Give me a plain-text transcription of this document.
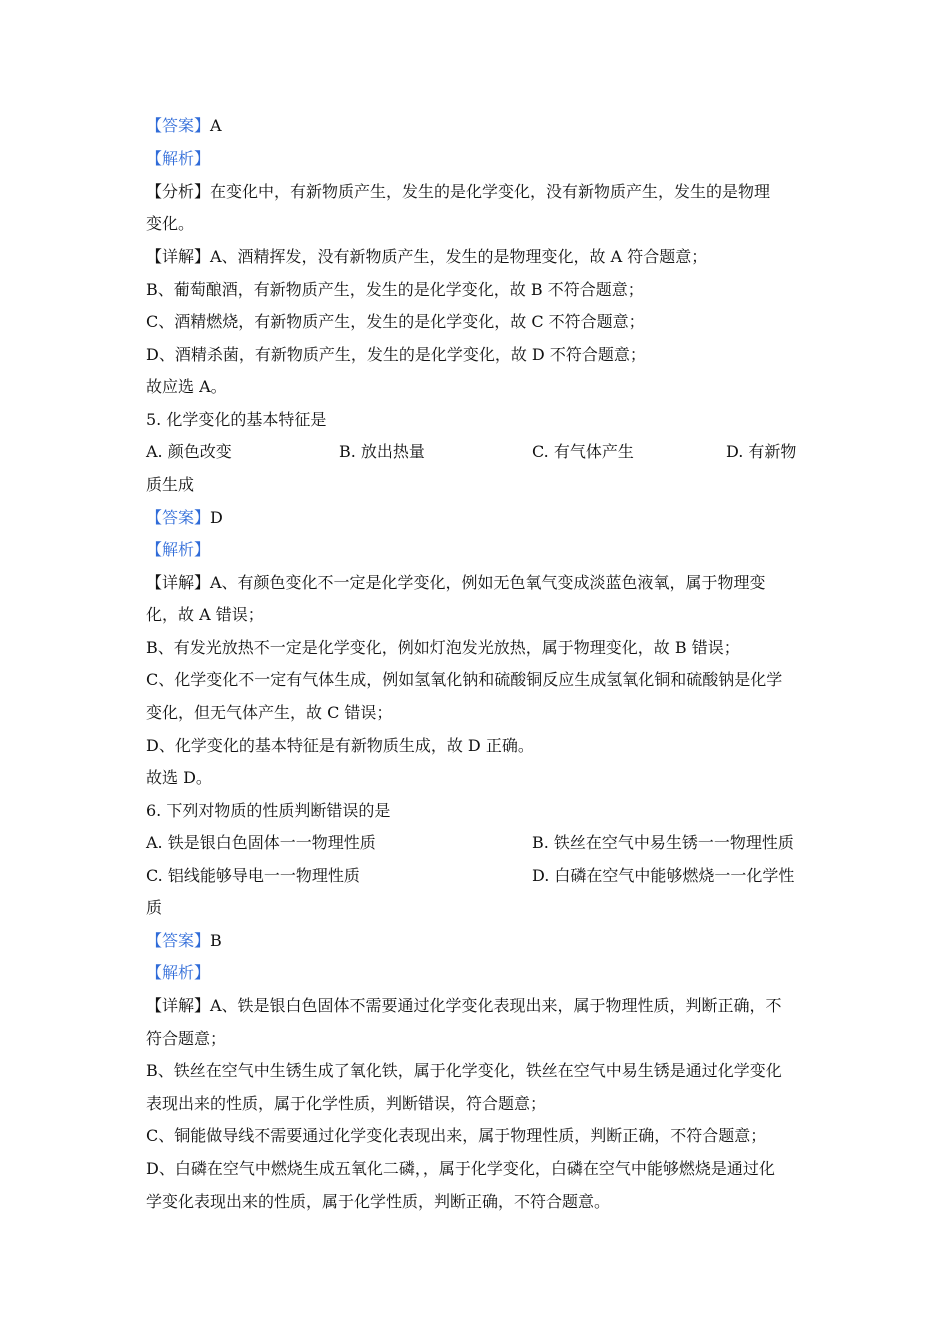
【答案】A
【解析】
【分析】在变化中，有新物质产生，发生的是化学变化，没有新物质产生，发生的是物理
变化。
【详解】A、酒精挥发，没有新物质产生，发生的是物理变化，故 A 符合题意；
B、葡萄酿酒，有新物质产生，发生的是化学变化，故 B 不符合题意；
C、酒精燃烧，有新物质产生，发生的是化学变化，故 C 不符合题意；
D、酒精杀菌，有新物质产生，发生的是化学变化，故 D 不符合题意；
故应选 A。
5. 化学变化的基本特征是
A. 颜色改变	B. 放出热量	C. 有气体产生	D. 有新物
质生成
【答案】D
【解析】
【详解】A、有颜色变化不一定是化学变化，例如无色氧气变成淡蓝色液氧，属于物理变
化，故 A 错误；
B、有发光放热不一定是化学变化，例如灯泡发光放热，属于物理变化，故 B 错误；
C、化学变化不一定有气体生成，例如氢氧化钠和硫酸铜反应生成氢氧化铜和硫酸钠是化学
变化，但无气体产生，故 C 错误；
D、化学变化的基本特征是有新物质生成，故 D 正确。
故选 D。
6. 下列对物质的性质判断错误的是
A. 铁是银白色固体一一物理性质	B. 铁丝在空气中易生锈一一物理性质
C. 铝线能够导电一一物理性质	D. 白磷在空气中能够燃烧一一化学性
质
【答案】B
【解析】
【详解】A、铁是银白色固体不需要通过化学变化表现出来，属于物理性质，判断正确，不
符合题意；
B、铁丝在空气中生锈生成了氧化铁，属于化学变化，铁丝在空气中易生锈是通过化学变化
表现出来的性质，属于化学性质，判断错误，符合题意；
C、铜能做导线不需要通过化学变化表现出来，属于物理性质，判断正确，不符合题意；
D、白磷在空气中燃烧生成五氧化二磷，，属于化学变化，白磷在空气中能够燃烧是通过化
学变化表现出来的性质，属于化学性质，判断正确，不符合题意。
